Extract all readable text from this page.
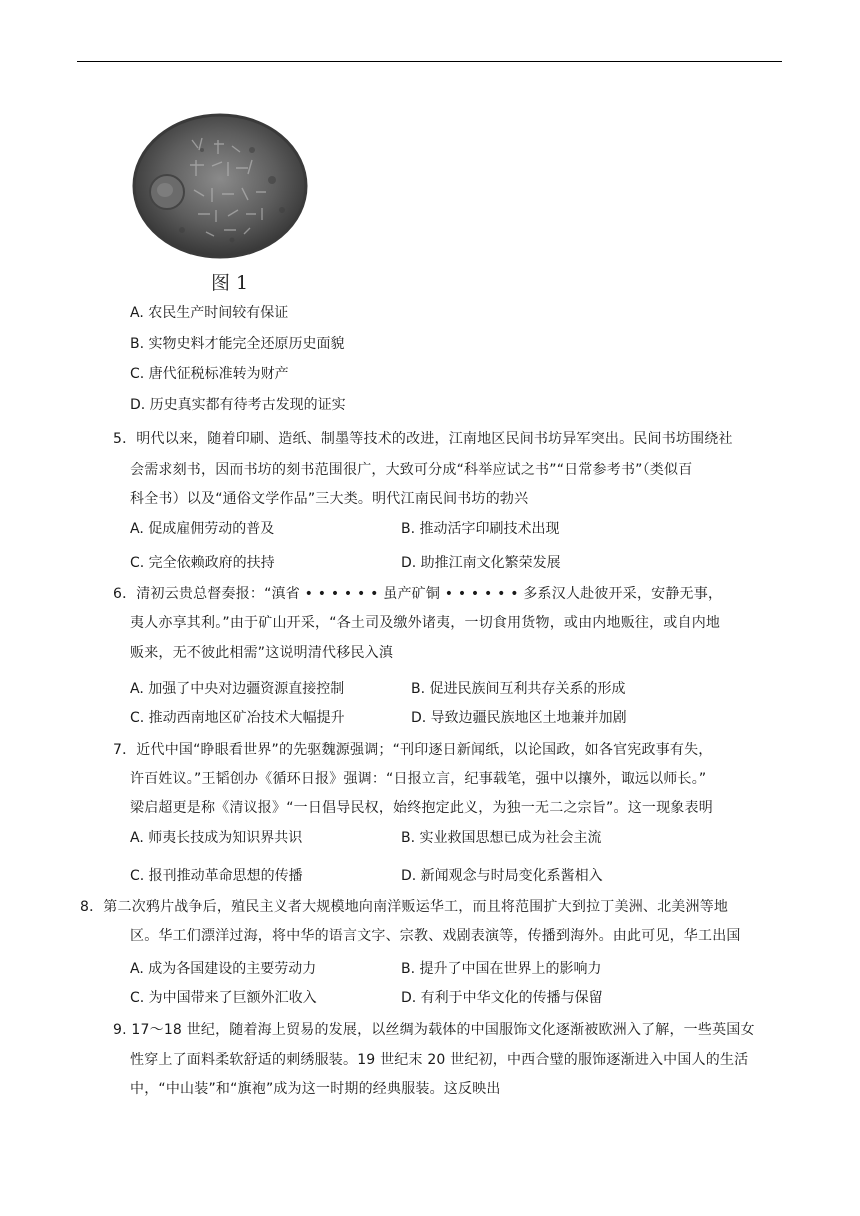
图 1
A. 农民生产时间较有保证
B. 实物史料才能完全还原历史面貌
C. 唐代征税标准转为财产
D. 历史真实都有待考古发现的证实
5．明代以来，随着印刷、造纸、制墨等技术的改进，江南地区民间书坊异军突出。民间书坊围绕社
会需求刻书，因而书坊的刻书范围很广，大致可分成“科举应试之书”“日常参考书”（类似百
科全书）以及“通俗文学作品”三大类。明代江南民间书坊的勃兴
A. 促成雇佣劳动的普及	B. 推动活字印刷技术出现
C. 完全依赖政府的扶持	D. 助推江南文化繁荣发展
6．清初云贵总督奏报：“滇省 • • • • • • 虽产矿铜 • • • • • • 多系汉人赴彼开采，安静无事，
夷人亦享其利。”由于矿山开采，“各土司及缴外诸夷，一切食用货物，或由内地贩往，或自内地
贩来，无不彼此相需”这说明清代移民入滇
A. 加强了中央对边疆资源直接控制	B. 促进民族间互利共存关系的形成
C. 推动西南地区矿冶技术大幅提升	D. 导致边疆民族地区土地兼并加剧
7．近代中国“睁眼看世界”的先驱魏源强调；“刊印逐日新闻纸，以论国政，如各官宪政事有失，
许百姓议。”王韬创办《循环日报》强调：“日报立言，纪事载笔，强中以攘外，诹远以师长。”
梁启超更是称《清议报》“一日倡导民权，始终抱定此义，为独一无二之宗旨”。这一现象表明
A. 师夷长技成为知识界共识	B. 实业救国思想已成为社会主流
C. 报刊推动革命思想的传播	D. 新闻观念与时局变化系酱相入
8．第二次鸦片战争后，殖民主义者大规模地向南洋贩运华工，而且将范围扩大到拉丁美洲、北美洲等地
区。华工们漂洋过海，将中华的语言文字、宗教、戏剧表演等，传播到海外。由此可见，华工出国
A. 成为各国建设的主要劳动力	B. 提升了中国在世界上的影响力
C. 为中国带来了巨额外汇收入	D. 有利于中华文化的传播与保留
9. 17～18 世纪，随着海上贸易的发展，以丝绸为载体的中国服饰文化逐渐被欧洲入了解，一些英国女
性穿上了面料柔软舒适的刺绣服装。19 世纪末 20 世纪初，中西合璧的服饰逐渐进入中国人的生活
中，“中山装”和“旗袍”成为这一时期的经典服装。这反映出
